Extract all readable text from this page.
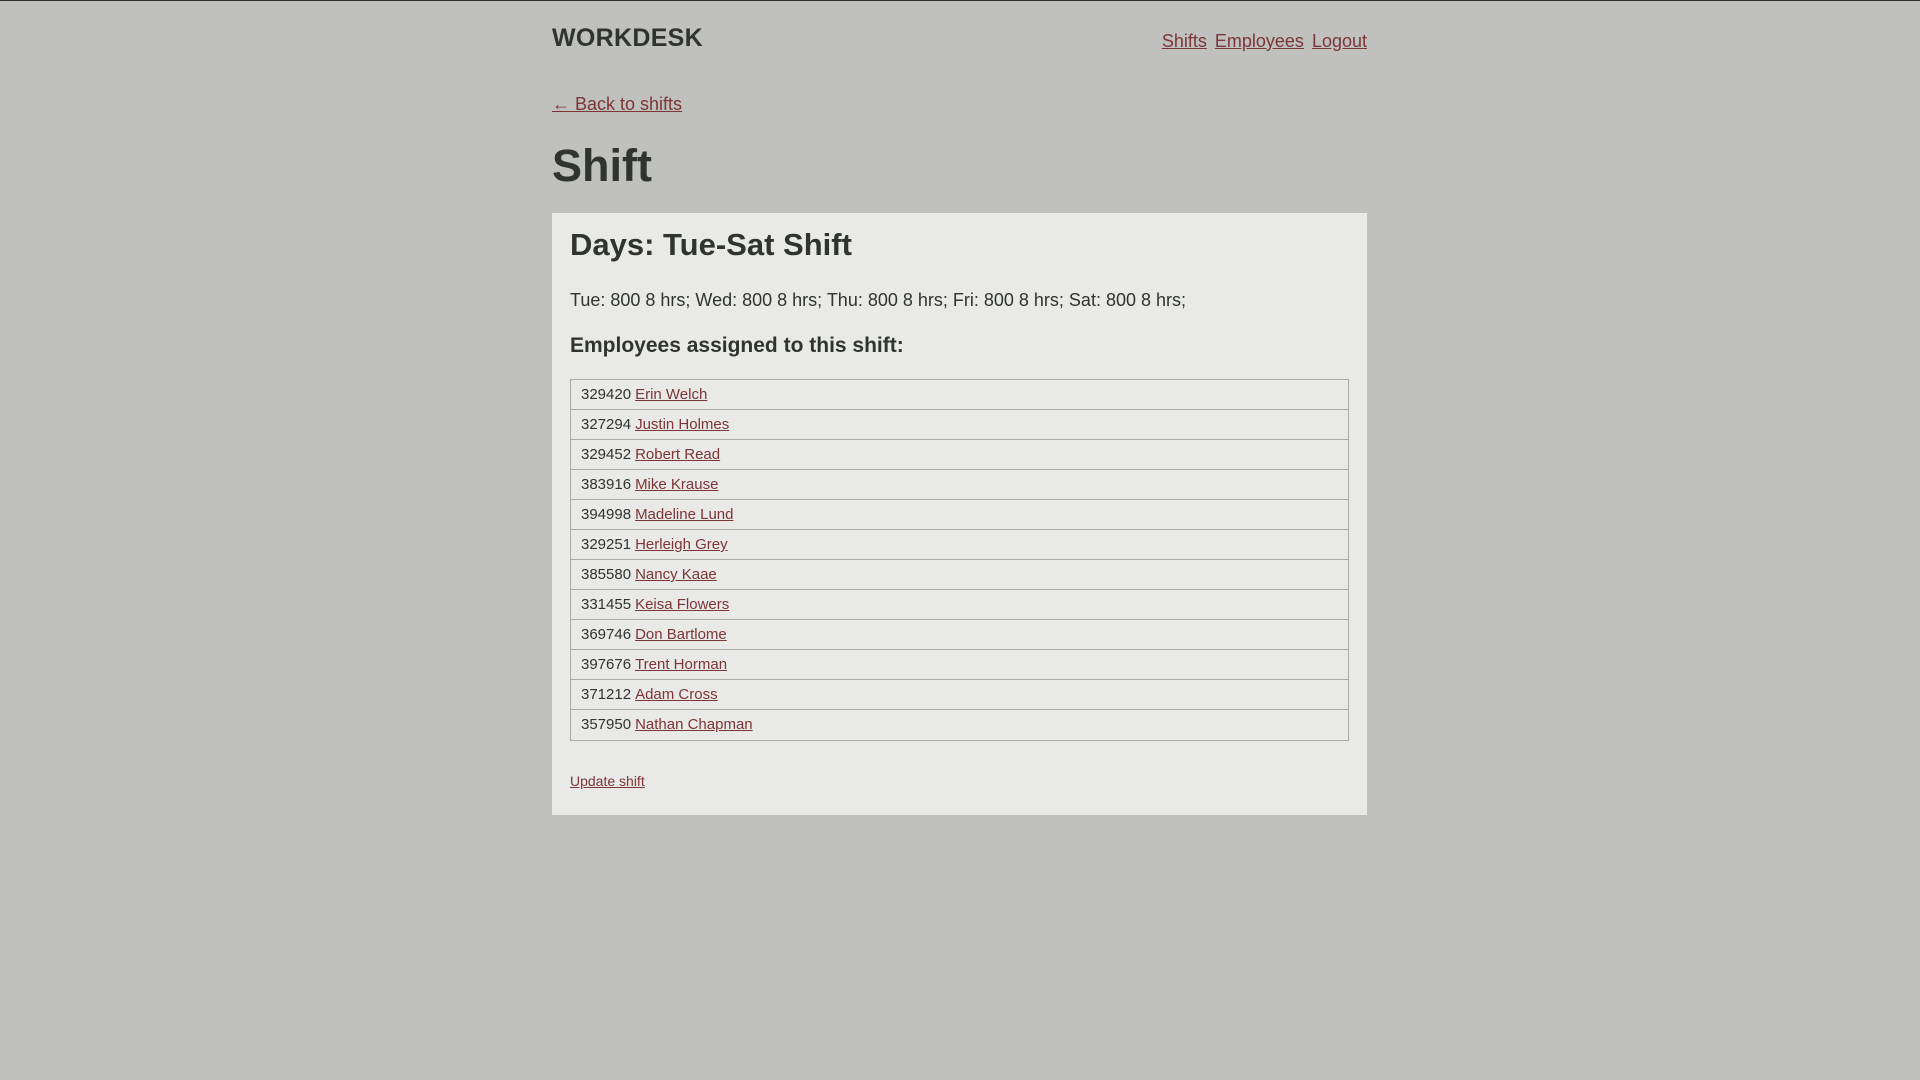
WORKDESK	Shifts Employees Logout
← Back to shifts
Shift
Days: Tue-Sat Shift
Tue: 800 8 hrs; Wed: 800 8 hrs; Thu: 800 8 hrs; Fri: 800 8 hrs; Sat: 800 8 hrs;
Employees assigned to this shift:
329420 Erin Welch
327294 Justin Holmes
329452 Robert Read
383916 Mike Krause
394998 Madeline Lund
329251 Herleigh Grey
385580 Nancy Kaae
331455 Keisa Flowers
369746 Don Bartlome
397676 Trent Horman
371212 Adam Cross
357950 Nathan Chapman
Update shift
